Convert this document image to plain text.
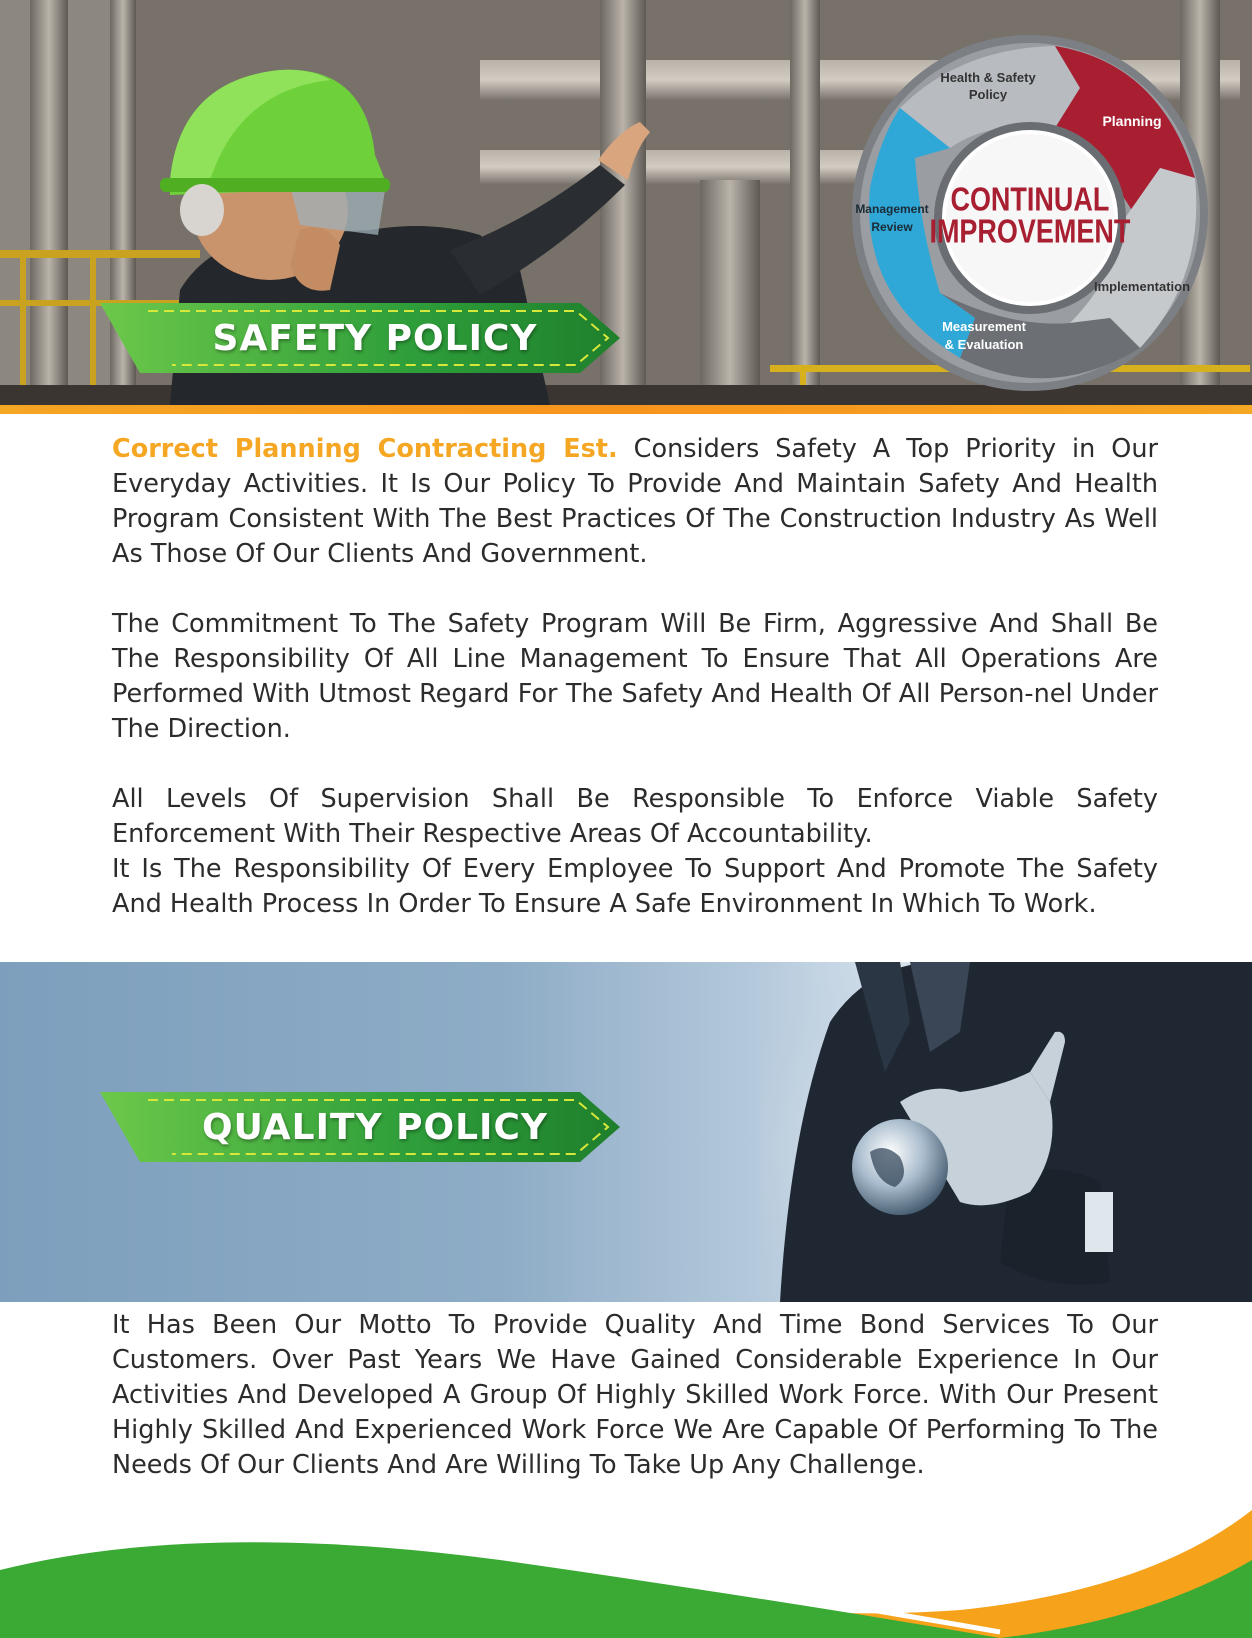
CONTINUAL
IMPROVEMENT
Health & Safety
Policy
Planning
Implementation
Measurement
& Evaluation
Management
Review
SAFETY POLICY

Correct Planning Contracting Est. Considers Safety A Top Priority in Our Everyday Activities. It Is Our Policy To Provide And Maintain Safety And Health Program Consistent With The Best Practices Of The Construction Industry As Well As Those Of Our Clients And Government.

The Commitment To The Safety Program Will Be Firm, Aggressive And Shall Be The Responsibility Of All Line Management To Ensure That All Operations Are Performed With Utmost Regard For The Safety And Health Of All Person-nel Under The Direction.

All Levels Of Supervision Shall Be Responsible To Enforce Viable Safety Enforcement With Their Respective Areas Of Accountability.

It Is The Responsibility Of Every Employee To Support And Promote The Safety And Health Process In Order To Ensure A Safe Environment In Which To Work.

QUALITY POLICY

It Has Been Our Motto To Provide Quality And Time Bond Services To Our Customers. Over Past Years We Have Gained Considerable Experience In Our Activities And Developed A Group Of Highly Skilled Work Force. With Our Present Highly Skilled And Experienced Work Force We Are Capable Of Performing To The Needs Of Our Clients And Are Willing To Take Up Any Challenge.
